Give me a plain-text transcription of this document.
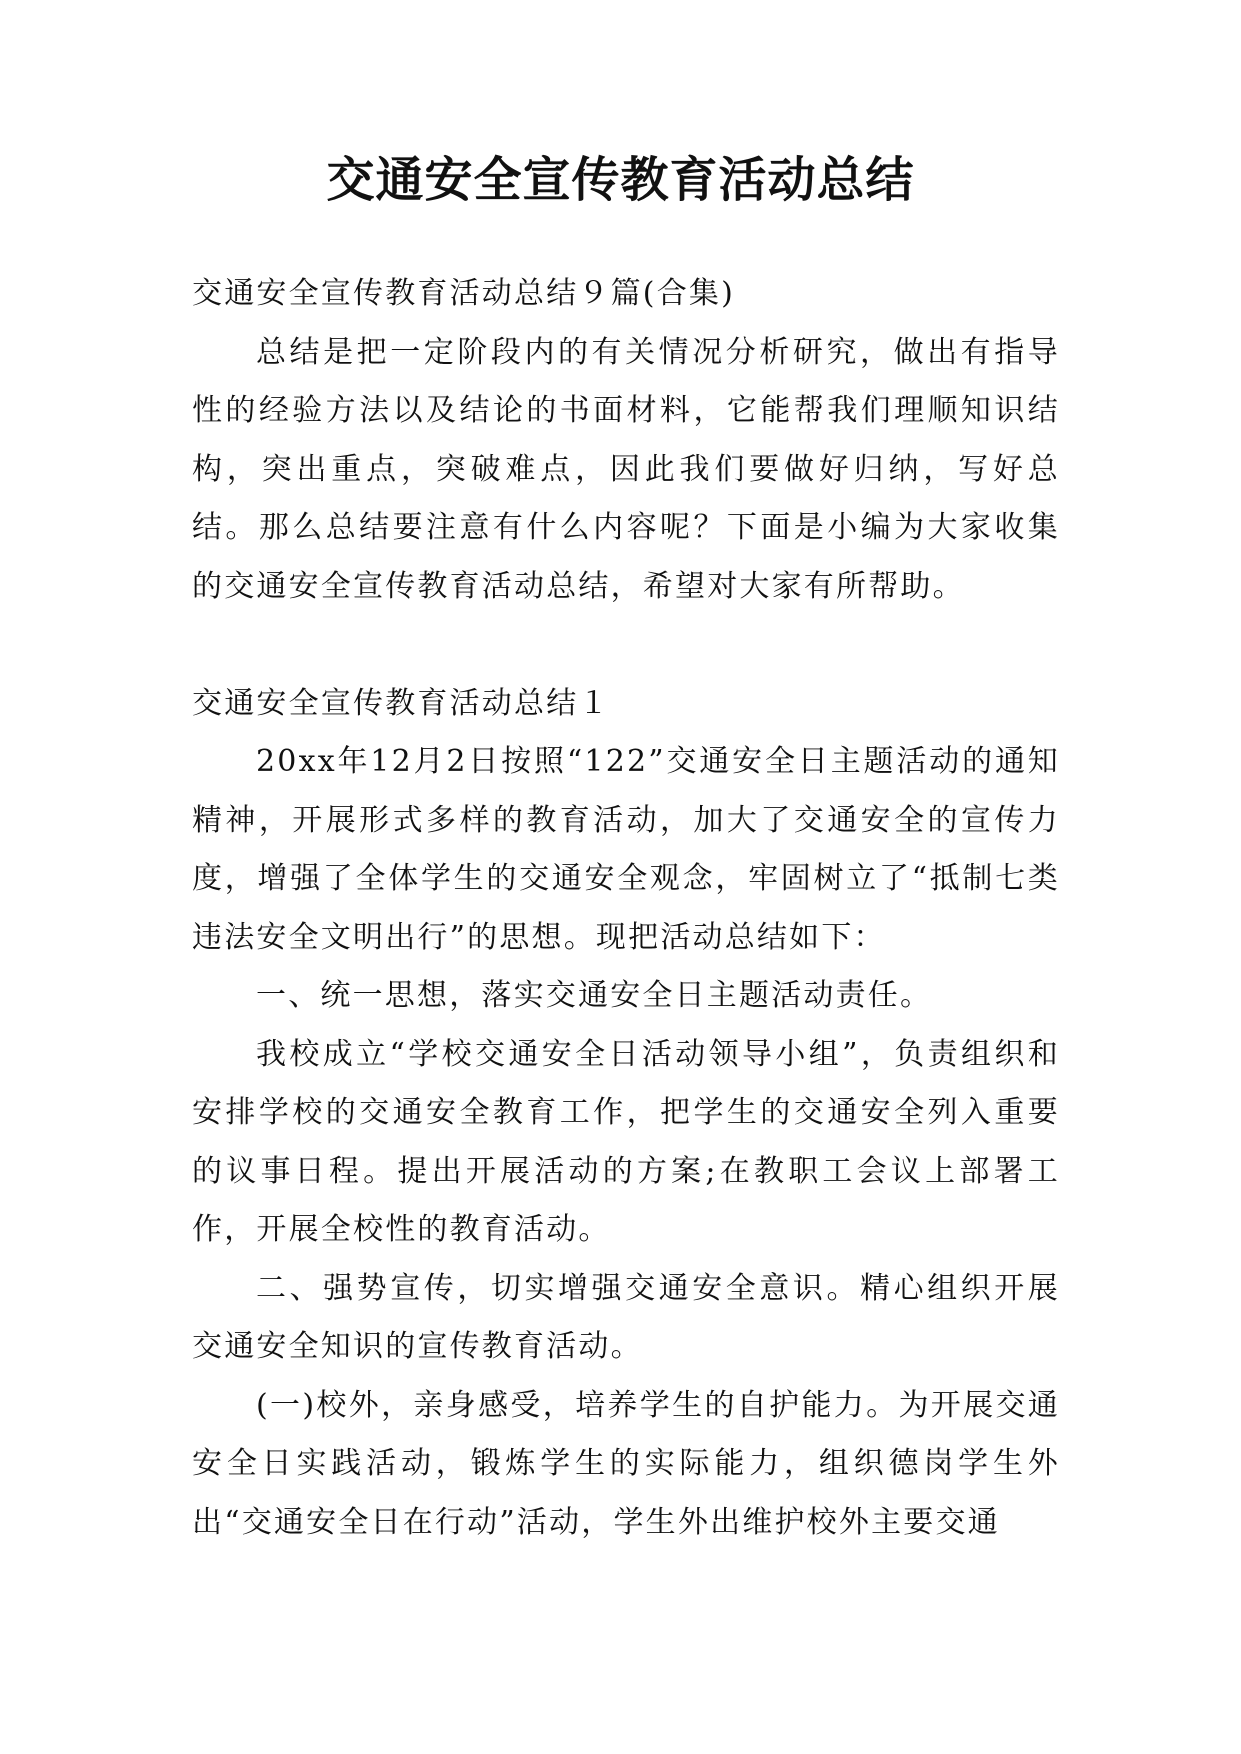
交通安全宣传教育活动总结

交通安全宣传教育活动总结９篇(合集)

总结是把一定阶段内的有关情况分析研究，做出有指导性的经验方法以及结论的书面材料，它能帮我们理顺知识结构，突出重点，突破难点，因此我们要做好归纳，写好总结。那么总结要注意有什么内容呢？下面是小编为大家收集的交通安全宣传教育活动总结，希望对大家有所帮助。

交通安全宣传教育活动总结１

20xx年12月2日按照“122”交通安全日主题活动的通知精神，开展形式多样的教育活动，加大了交通安全的宣传力度，增强了全体学生的交通安全观念，牢固树立了“抵制七类违法安全文明出行”的思想。现把活动总结如下：

一、统一思想，落实交通安全日主题活动责任。

我校成立“学校交通安全日活动领导小组”，负责组织和安排学校的交通安全教育工作，把学生的交通安全列入重要的议事日程。提出开展活动的方案;在教职工会议上部署工作，开展全校性的教育活动。

二、强势宣传，切实增强交通安全意识。精心组织开展交通安全知识的宣传教育活动。

(一)校外，亲身感受，培养学生的自护能力。为开展交通安全日实践活动，锻炼学生的实际能力，组织德岗学生外出“交通安全日在行动”活动，学生外出维护校外主要交通
